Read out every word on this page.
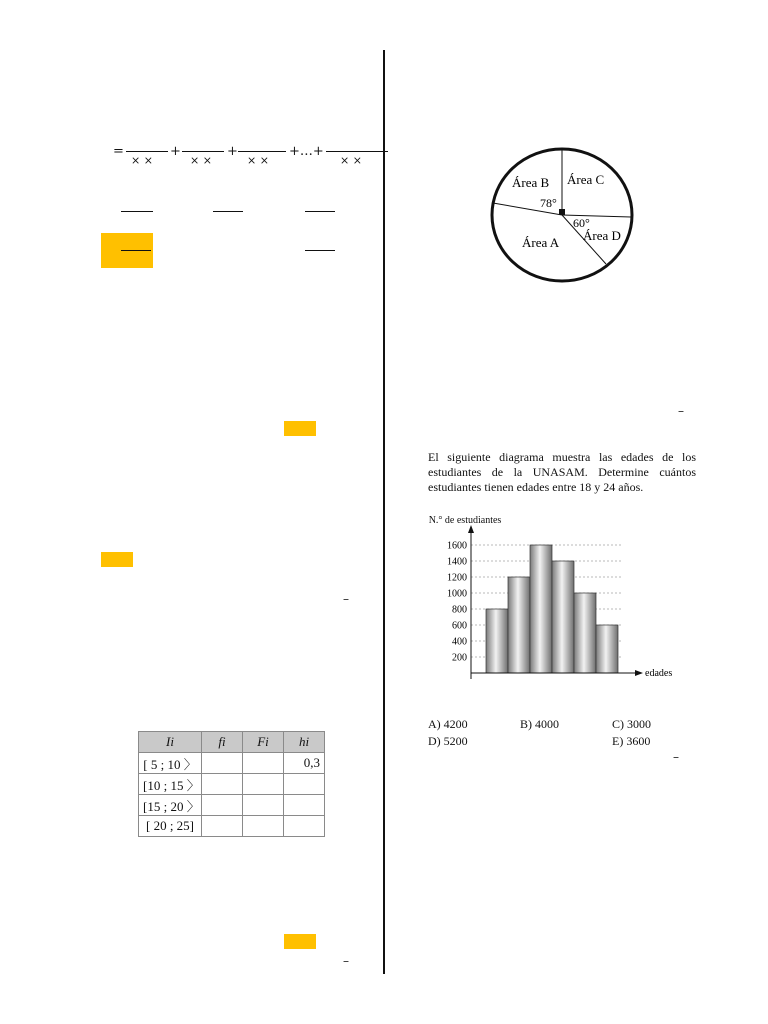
=	+	+	+…+
× ×	× ×	× ×	× ×
–
Ii	fi	Fi	hi
[ 5 ; 10 〉			0,3
[10 ; 15 〉			
[15 ; 20 〉			
[ 20 ; 25]			
–
Área B Área C
78°
60°
Área D
Área A
–
El siguiente diagrama muestra las edades de los estudiantes de la UNASAM. Determine cuántos estudiantes tienen edades entre 18 y 24 años.
200
400
600
800
1000
1200
1400
1600
N.° de estudiantes
edades
A) 4200	B) 4000	C) 3000
D) 5200	E) 3600
–
